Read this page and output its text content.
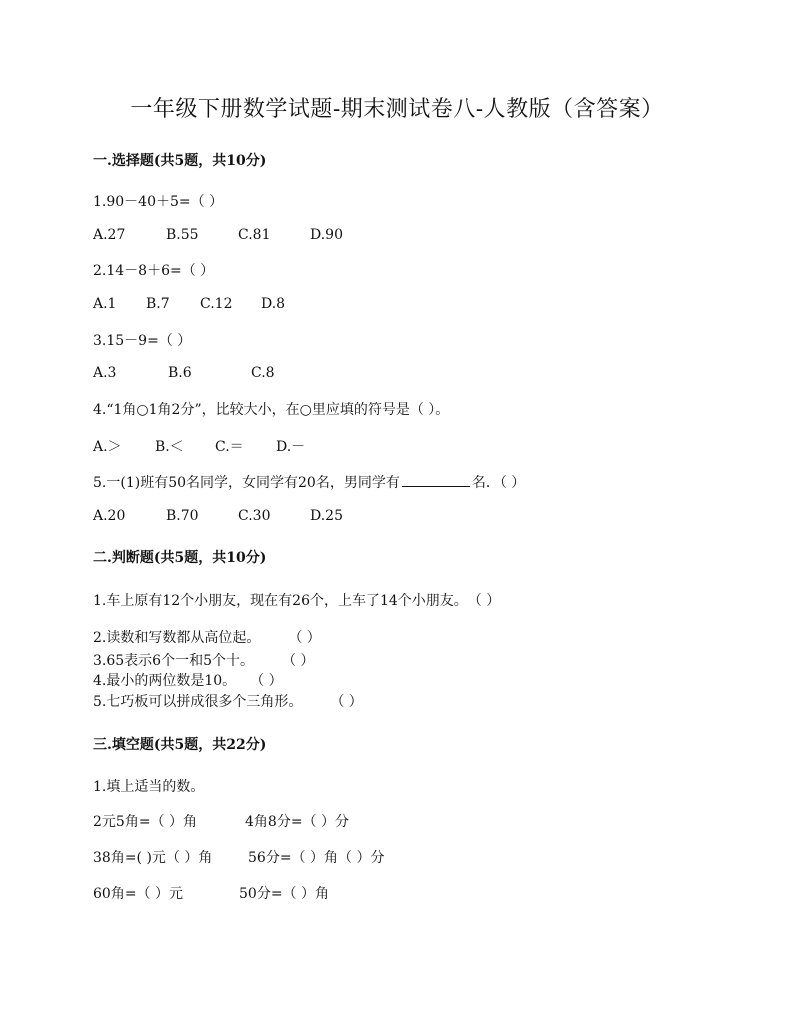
一年级下册数学试题-期末测试卷八-人教版（含答案）
一.选择题(共5题，共10分)
1.90－40＋5=（ ）
A.27	B.55	C.81	D.90
2.14－8＋6=（ ）
A.1 B.7 C.12 D.8
3.15－9=（ ）
A.3	B.6	C.8
4.“1角○1角2分”，比较大小，在○里应填的符号是（ ）。
A.＞ B.＜ C.＝ D.－
5.一(1)班有50名同学，女同学有20名，男同学有	名．（ ）
A.20	B.70	C.30	D.25
二.判断题(共5题，共10分)
1.车上原有12个小朋友，现在有26个，上车了14个小朋友。　（ ）
2.读数和写数都从高位起。　　　（ ）
3.65表示6个一和5个十。　　　（ ）
4.最小的两位数是10。　　（ ）
5.七巧板可以拼成很多个三角形。　　　（ ）
三.填空题(共5题，共22分)
1.填上适当的数。
2元5角=（ ）角	4角8分=（ ）分
38角=( )元（ ）角	56分=（ ）角（ ）分
60角=（ ）元	50分=（ ）角
